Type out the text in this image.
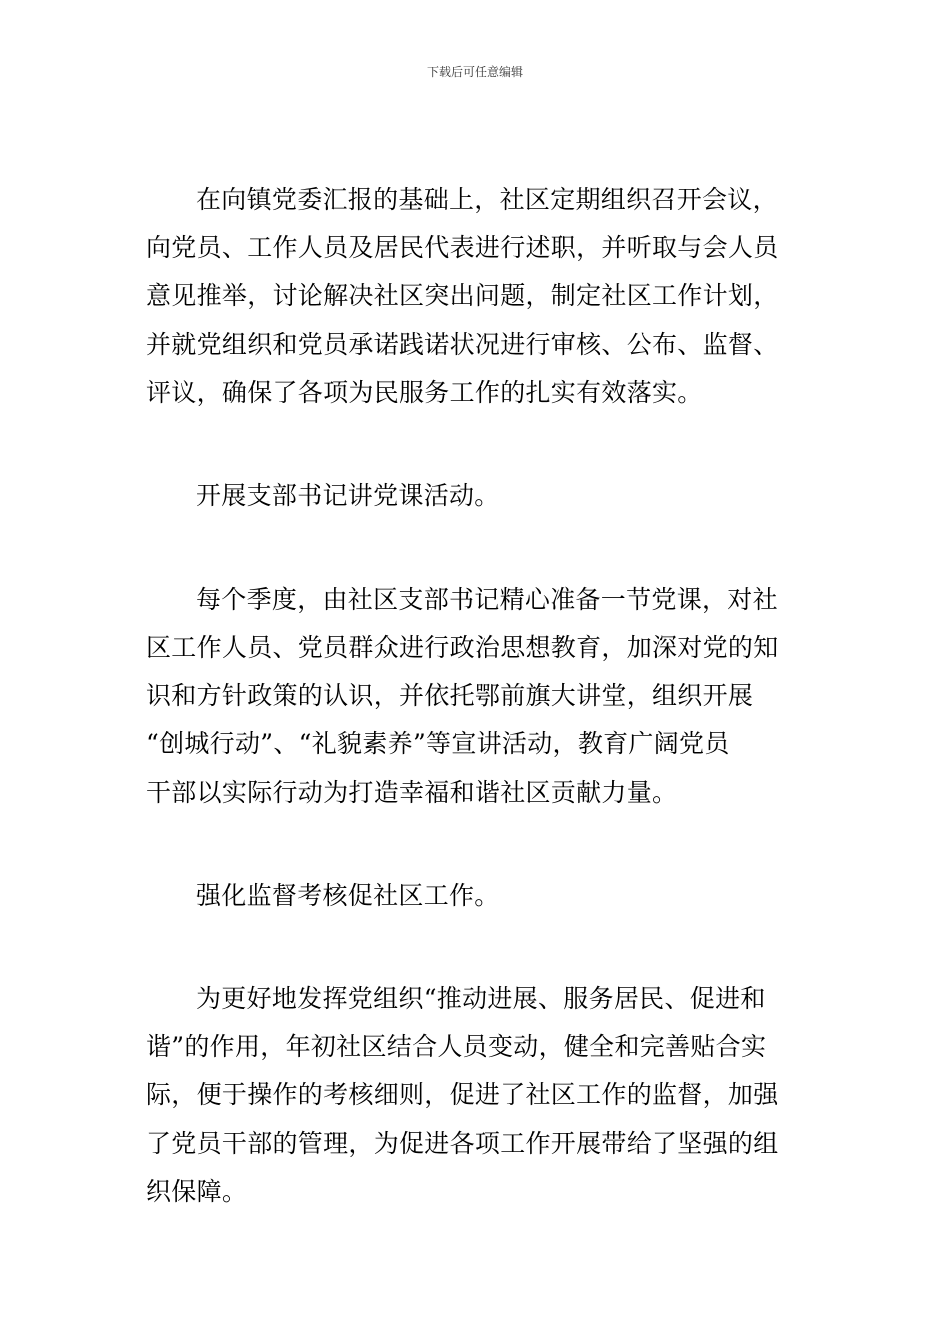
下载后可任意编辑
在向镇党委汇报的基础上，社区定期组织召开会议，
向党员、工作人员及居民代表进行述职，并听取与会人员
意见推举，讨论解决社区突出问题，制定社区工作计划，
并就党组织和党员承诺践诺状况进行审核、公布、监督、
评议，确保了各项为民服务工作的扎实有效落实。
开展支部书记讲党课活动。
每个季度，由社区支部书记精心准备一节党课，对社
区工作人员、党员群众进行政治思想教育，加深对党的知
识和方针政策的认识，并依托鄂前旗大讲堂，组织开展
“创城行动”、“礼貌素养”等宣讲活动，教育广阔党员
干部以实际行动为打造幸福和谐社区贡献力量。
强化监督考核促社区工作。
为更好地发挥党组织“推动进展、服务居民、促进和
谐”的作用，年初社区结合人员变动，健全和完善贴合实
际，便于操作的考核细则，促进了社区工作的监督，加强
了党员干部的管理，为促进各项工作开展带给了坚强的组
织保障。
